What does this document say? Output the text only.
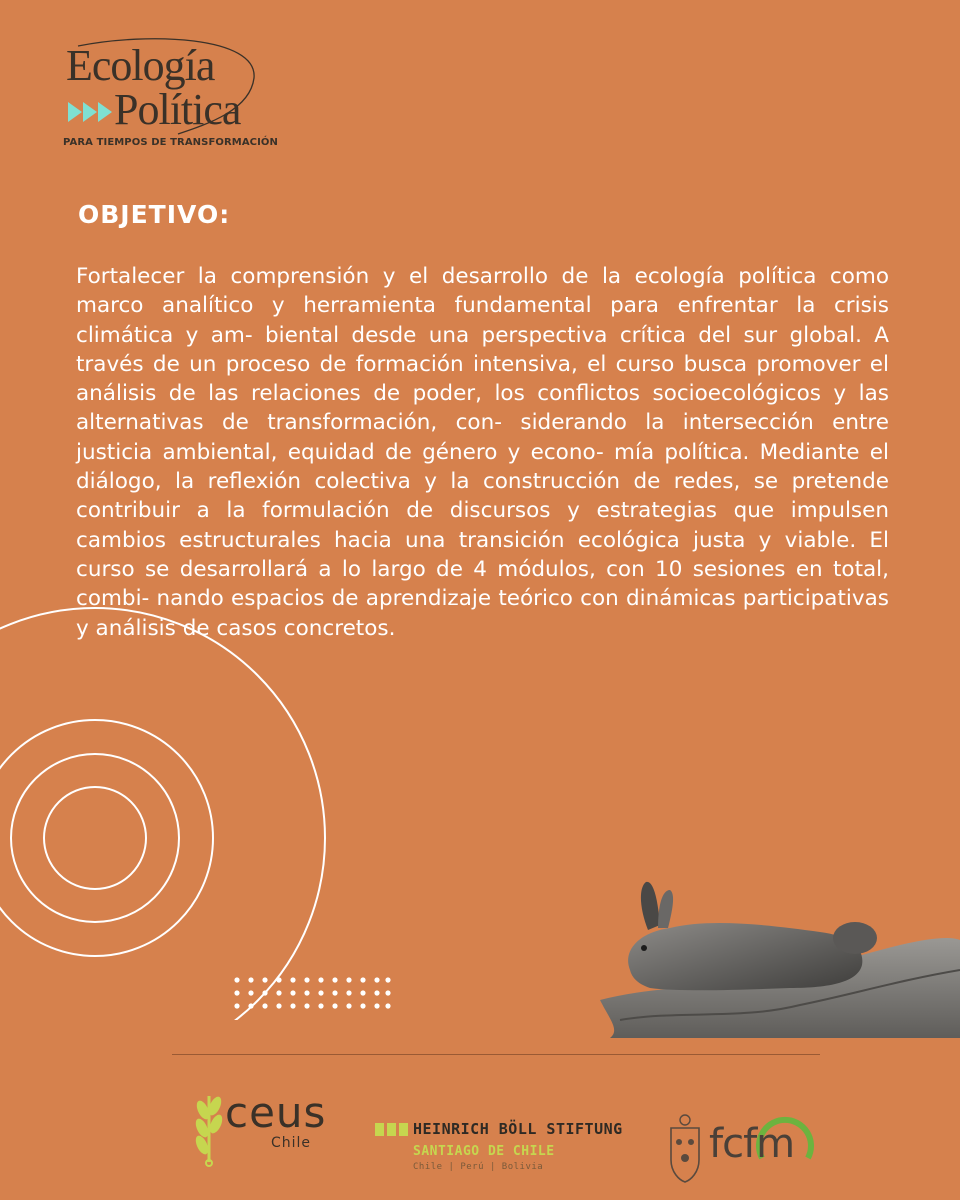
Ecología
Política
PARA TIEMPOS DE TRANSFORMACIÓN
OBJETIVO:

Fortalecer la comprensión y el desarrollo de la ecología política como marco analítico y herramienta fundamental para enfrentar la crisis climática y am- biental desde una perspectiva crítica del sur global. A través de un proceso de formación intensiva, el curso busca promover el análisis de las relaciones de poder, los conflictos socioecológicos y las alternativas de transformación, con- siderando la intersección entre justicia ambiental, equidad de género y econo- mía política. Mediante el diálogo, la reflexión colectiva y la construcción de redes, se pretende contribuir a la formulación de discursos y estrategias que impulsen cambios estructurales hacia una transición ecológica justa y viable. El curso se desarrollará a lo largo de 4 módulos, con 10 sesiones en total, combi- nando espacios de aprendizaje teórico con dinámicas participativas y análisis de casos concretos.

ceus
Chile
HEINRICH BÖLL STIFTUNG
SANTIAGO DE CHILE
Chile | Perú | Bolivia	fcfm
